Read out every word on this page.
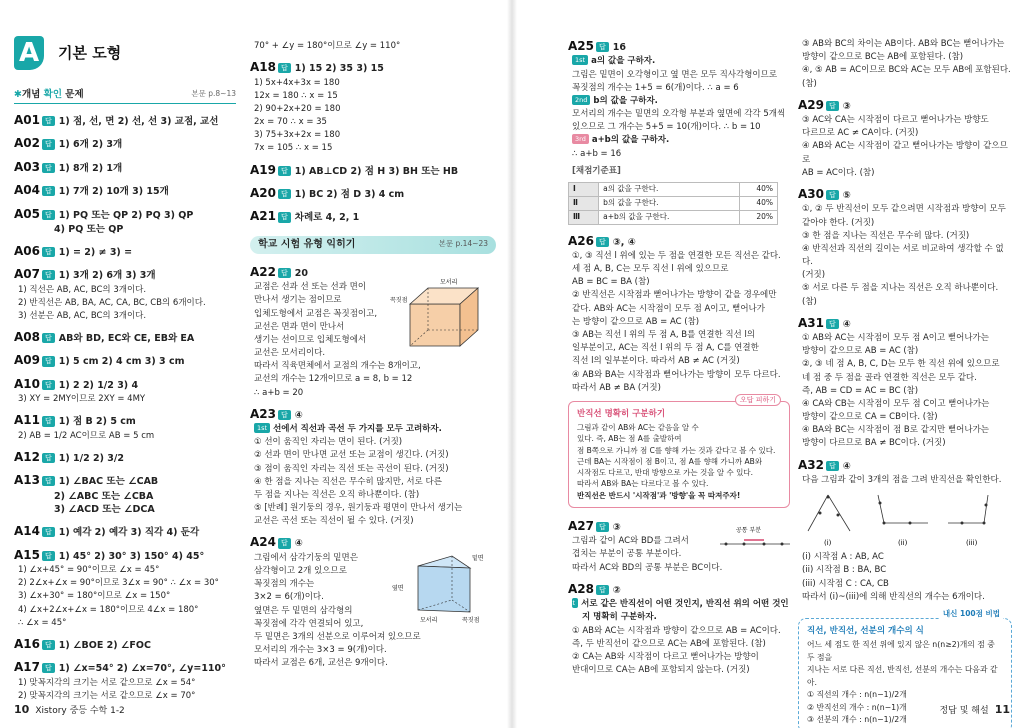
A	기본 도형
✱개념 확인 문제	본문 p.8~13
A01 답 1) 점, 선, 면 2) 선, 선 3) 교점, 교선
A02 답 1) 6개 2) 3개
A03 답 1) 8개 2) 1개
A04 답 1) 7개 2) 10개 3) 15개
A05 답 1) PQ 또는 QP 2) PQ 3) QP
4) PQ 또는 QP
A06 답 1) = 2) ≠ 3) =
A07 답 1) 3개 2) 6개 3) 3개
1) 직선은 AB, AC, BC의 3개이다.
2) 반직선은 AB, BA, AC, CA, BC, CB의 6개이다.
3) 선분은 AB, AC, BC의 3개이다.
A08 답 AB와 BD, EC와 CE, EB와 EA
A09 답 1) 5 cm 2) 4 cm 3) 3 cm
A10 답 1) 2 2) 1/2 3) 4
3) XY = 2MY이므로 2XY = 4MY
A11 답 1) 점 B 2) 5 cm
2) AB = 1/2 AC이므로 AB = 5 cm
A12 답 1) 1/2 2) 3/2
A13 답 1) ∠BAC 또는 ∠CAB
2) ∠ABC 또는 ∠CBA
3) ∠ACD 또는 ∠DCA
A14 답 1) 예각 2) 예각 3) 직각 4) 둔각
A15 답 1) 45° 2) 30° 3) 150° 4) 45°
1) ∠x+45° = 90°이므로 ∠x = 45°
2) 2∠x+∠x = 90°이므로 3∠x = 90° ∴ ∠x = 30°
3) ∠x+30° = 180°이므로 ∠x = 150°
4) ∠x+2∠x+∠x = 180°이므로 4∠x = 180°
∴ ∠x = 45°
A16 답 1) ∠BOE 2) ∠FOC
A17 답 1) ∠x=54° 2) ∠x=70°, ∠y=110°
1) 맞꼭지각의 크기는 서로 같으므로 ∠x = 54°
2) 맞꼭지각의 크기는 서로 같으므로 ∠x = 70°
70° + ∠y = 180°이므로 ∠y = 110°
A18 답 1) 15 2) 35 3) 15
1) 5x+4x+3x = 180
12x = 180 ∴ x = 15
2) 90+2x+20 = 180
2x = 70 ∴ x = 35
3) 75+3x+2x = 180
7x = 105 ∴ x = 15
A19 답 1) AB⊥CD 2) 점 H 3) BH 또는 HB
A20 답 1) BC 2) 점 D 3) 4 cm
A21 답 차례로 4, 2, 1
학교 시험 유형 익히기	본문 p.14~23
A22 답 20
교점은 선과 선 또는 선과 면이
만나서 생기는 점이므로
입체도형에서 교점은 꼭짓점이고,
교선은 면과 면이 만나서
생기는 선이므로 입체도형에서
교선은 모서리이다.
따라서 직육면체에서 교점의 개수는 8개이고,
교선의 개수는 12개이므로 a = 8, b = 12
∴ a+b = 20
꼭짓점
모서리
A23 답 ④
1st 선에서 직선과 곡선 두 가지를 모두 고려하자.
① 선이 움직인 자리는 면이 된다. (거짓)
② 선과 면이 만나면 교선 또는 교점이 생긴다. (거짓)
③ 점이 움직인 자리는 직선 또는 곡선이 된다. (거짓)
④ 한 점을 지나는 직선은 무수히 많지만, 서로 다른
두 점을 지나는 직선은 오직 하나뿐이다. (참)
⑤ [반례] 원기둥의 경우, 원기둥과 평면이 만나서 생기는
교선은 곡선 또는 직선이 될 수 있다. (거짓)
A24 답 ④
그림에서 삼각기둥의 밑면은
삼각형이고 2개 있으므로
꼭짓점의 개수는
3×2 = 6(개)이다.
옆면은 두 밑면의 삼각형의
꼭짓점에 각각 연결되어 있고,
두 밑면은 3개의 선분으로 이루어져 있으므로
모서리의 개수는 3×3 = 9(개)이다.
따라서 교점은 6개, 교선은 9개이다.
밑면
옆면
모서리	꼭짓점
10 Xistory 중등 수학 1-2
A25 답 16
1st a의 값을 구하자.
그림은 밑면이 오각형이고 옆 면은 모두 직사각형이므로
꼭짓점의 개수는 1+5 = 6(개)이다. ∴ a = 6
2nd b의 값을 구하자.
모서리의 개수는 밑면의 오각형 부분과 옆면에 각각 5개씩
있으므로 그 개수는 5+5 = 10(개)이다. ∴ b = 10
3rd a+b의 값을 구하자.
∴ a+b = 16
[채점기준표]
Ⅰ	a의 값을 구한다.	40%
Ⅱ	b의 값을 구한다.	40%
Ⅲ	a+b의 값을 구한다.	20%
A26 답 ③, ④
①, ③ 직선 l 위에 있는 두 점을 연결한 모든 직선은 같다.
세 점 A, B, C는 모두 직선 l 위에 있으므로
AB = BC = BA (참)
② 반직선은 시작점과 뻗어나가는 방향이 같을 경우에만
같다. AB와 AC는 시작점이 모두 점 A이고, 뻗어나가
는 방향이 같으므로 AB = AC (참)
③ AB는 직선 l 위의 두 점 A, B를 연결한 직선 l의
일부분이고, AC는 직선 l 위의 두 점 A, C를 연결한
직선 l의 일부분이다. 따라서 AB ≠ AC (거짓)
④ AB와 BA는 시작점과 뻗어나가는 방향이 모두 다르다.
따라서 AB ≠ BA (거짓)
오답 피하기
반직선 명확히 구분하기
그림과 같이 AB와 AC는 같음을 알 수
있다. 즉, AB는 점 A를 출발하여
점 B쪽으로 가니까 점 C를 향해 가는 것과 같다고 볼 수 있다.
근데 BA는 시작점이 점 B이고, 점 A를 향해 가니까 AB와
시작점도 다르고, 반대 방향으로 가는 것을 알 수 있다.
따라서 AB와 BA는 다르다고 볼 수 있다.
반직선은 반드시 '시작점'과 '방향'을 꼭 따져주자!
A27 답 ③
그림과 같이 AC와 BD를 그려서
겹치는 부분이 공통 부분이다.
따라서 AC와 BD의 공통 부분은 BC이다.
공통 부분
A28 답 ②
1st 서로 같은 반직선이 어떤 것인지, 반직선 위의 어떤 것인지 명확히 구분하자.
① AB와 AC는 시작점과 방향이 같으므로 AB = AC이다.
즉, 두 반직선이 같으므로 AC는 AB에 포함된다. (참)
② CA는 AB와 시작점이 다르고 뻗어나가는 방향이
반대이므로 CA는 AB에 포함되지 않는다. (거짓)
③ AB와 BC의 차이는 AB이다. AB와 BC는 뻗어나가는
방향이 같으므로 BC는 AB에 포함된다. (참)
④, ⑤ AB = AC이므로 BC와 AC는 모두 AB에 포함된다.
(참)
A29 답 ③
③ AC와 CA는 시작점이 다르고 뻗어나가는 방향도
다르므로 AC ≠ CA이다. (거짓)
④ AB와 AC는 시작점이 같고 뻗어나가는 방향이 같으므로
AB = AC이다. (참)
A30 답 ⑤
①, ② 두 반직선이 모두 같으려면 시작점과 방향이 모두
같아야 한다. (거짓)
③ 한 점을 지나는 직선은 무수히 많다. (거짓)
④ 반직선과 직선의 길이는 서로 비교하여 생각할 수 없다.
(거짓)
⑤ 서로 다른 두 점을 지나는 직선은 오직 하나뿐이다. (참)
A31 답 ④
① AB와 AC는 시작점이 모두 점 A이고 뻗어나가는
방향이 같으므로 AB = AC (참)
②, ③ 네 점 A, B, C, D는 모두 한 직선 위에 있으므로
네 점 중 두 점을 골라 연결한 직선은 모두 같다.
즉, AB = CD = AC = BC (참)
④ CA와 CB는 시작점이 모두 점 C이고 뻗어나가는
방향이 같으므로 CA = CB이다. (참)
④ BA와 BC는 시작점이 점 B로 같지만 뻗어나가는
방향이 다르므로 BA ≠ BC이다. (거짓)
A32 답 ④
다음 그림과 같이 3개의 점을 그려 반직선을 확인한다.
(i)	(ii)	(iii)
(i) 시작점 A : AB, AC
(ii) 시작점 B : BA, BC
(iii) 시작점 C : CA, CB
따라서 (i)~(iii)에 의해 반직선의 개수는 6개이다.
내신 100점 비법
직선, 반직선, 선분의 개수의 식
어느 세 점도 한 직선 위에 있지 않은 n(n≥2)개의 점 중 두 점을
지나는 서로 다른 직선, 반직선, 선분의 개수는 다음과 같아.
① 직선의 개수 : n(n−1)/2개
② 반직선의 개수 : n(n−1)개
③ 선분의 개수 : n(n−1)/2개
정답 및 해설 11
